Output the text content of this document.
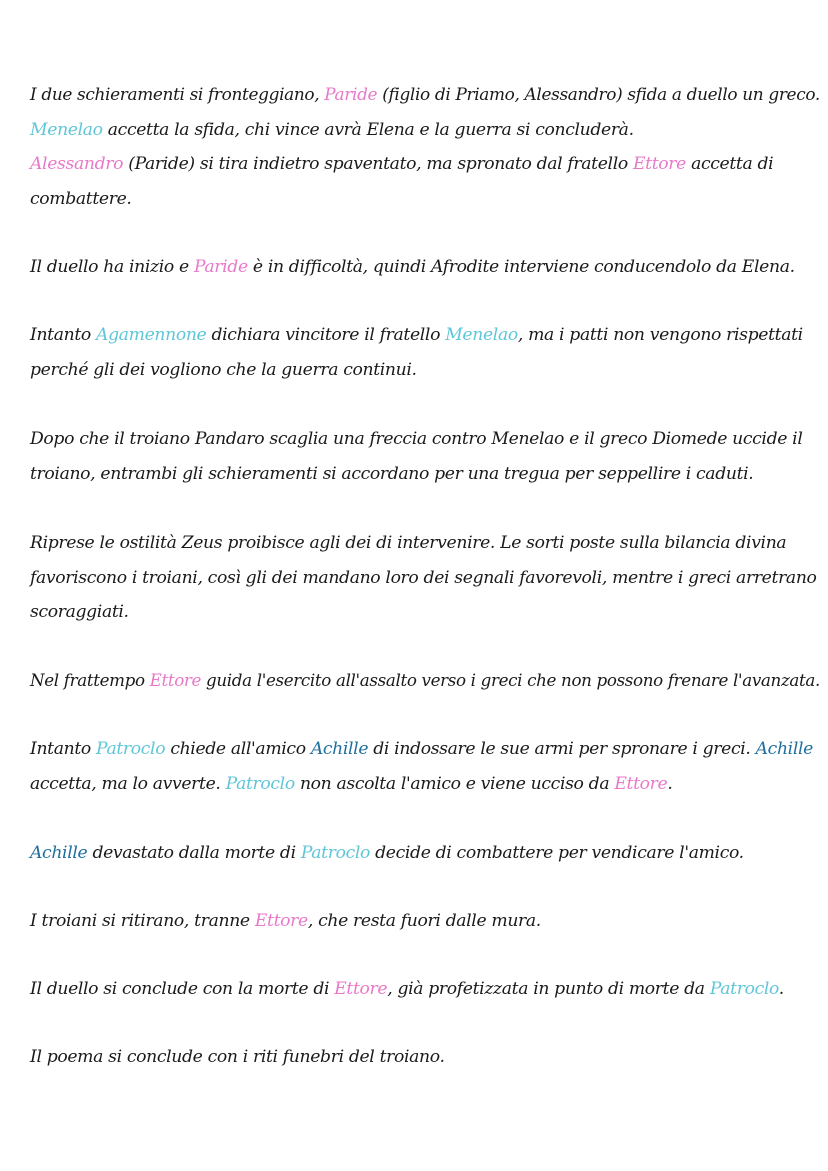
I due schieramenti si fronteggiano, Paride (figlio di Priamo, Alessandro) sfida a duello un greco.
Menelao accetta la sfida, chi vince avrà Elena e la guerra si concluderà.
Alessandro (Paride) si tira indietro spaventato, ma spronato dal fratello Ettore accetta di
combattere.
Il duello ha inizio e Paride è in difficoltà, quindi Afrodite interviene conducendolo da Elena.
Intanto Agamennone dichiara vincitore il fratello Menelao, ma i patti non vengono rispettati
perché gli dei vogliono che la guerra continui.
Dopo che il troiano Pandaro scaglia una freccia contro Menelao e il greco Diomede uccide il
troiano, entrambi gli schieramenti si accordano per una tregua per seppellire i caduti.
Riprese le ostilità Zeus proibisce agli dei di intervenire. Le sorti poste sulla bilancia divina
favoriscono i troiani, così gli dei mandano loro dei segnali favorevoli, mentre i greci arretrano
scoraggiati.
Nel frattempo Ettore guida l'esercito all'assalto verso i greci che non possono frenare l'avanzata.
Intanto Patroclo chiede all'amico Achille di indossare le sue armi per spronare i greci. Achille
accetta, ma lo avverte. Patroclo non ascolta l'amico e viene ucciso da Ettore.
Achille devastato dalla morte di Patroclo decide di combattere per vendicare l'amico.
I troiani si ritirano, tranne Ettore, che resta fuori dalle mura.
Il duello si conclude con la morte di Ettore, già profetizzata in punto di morte da Patroclo.
Il poema si conclude con i riti funebri del troiano.
